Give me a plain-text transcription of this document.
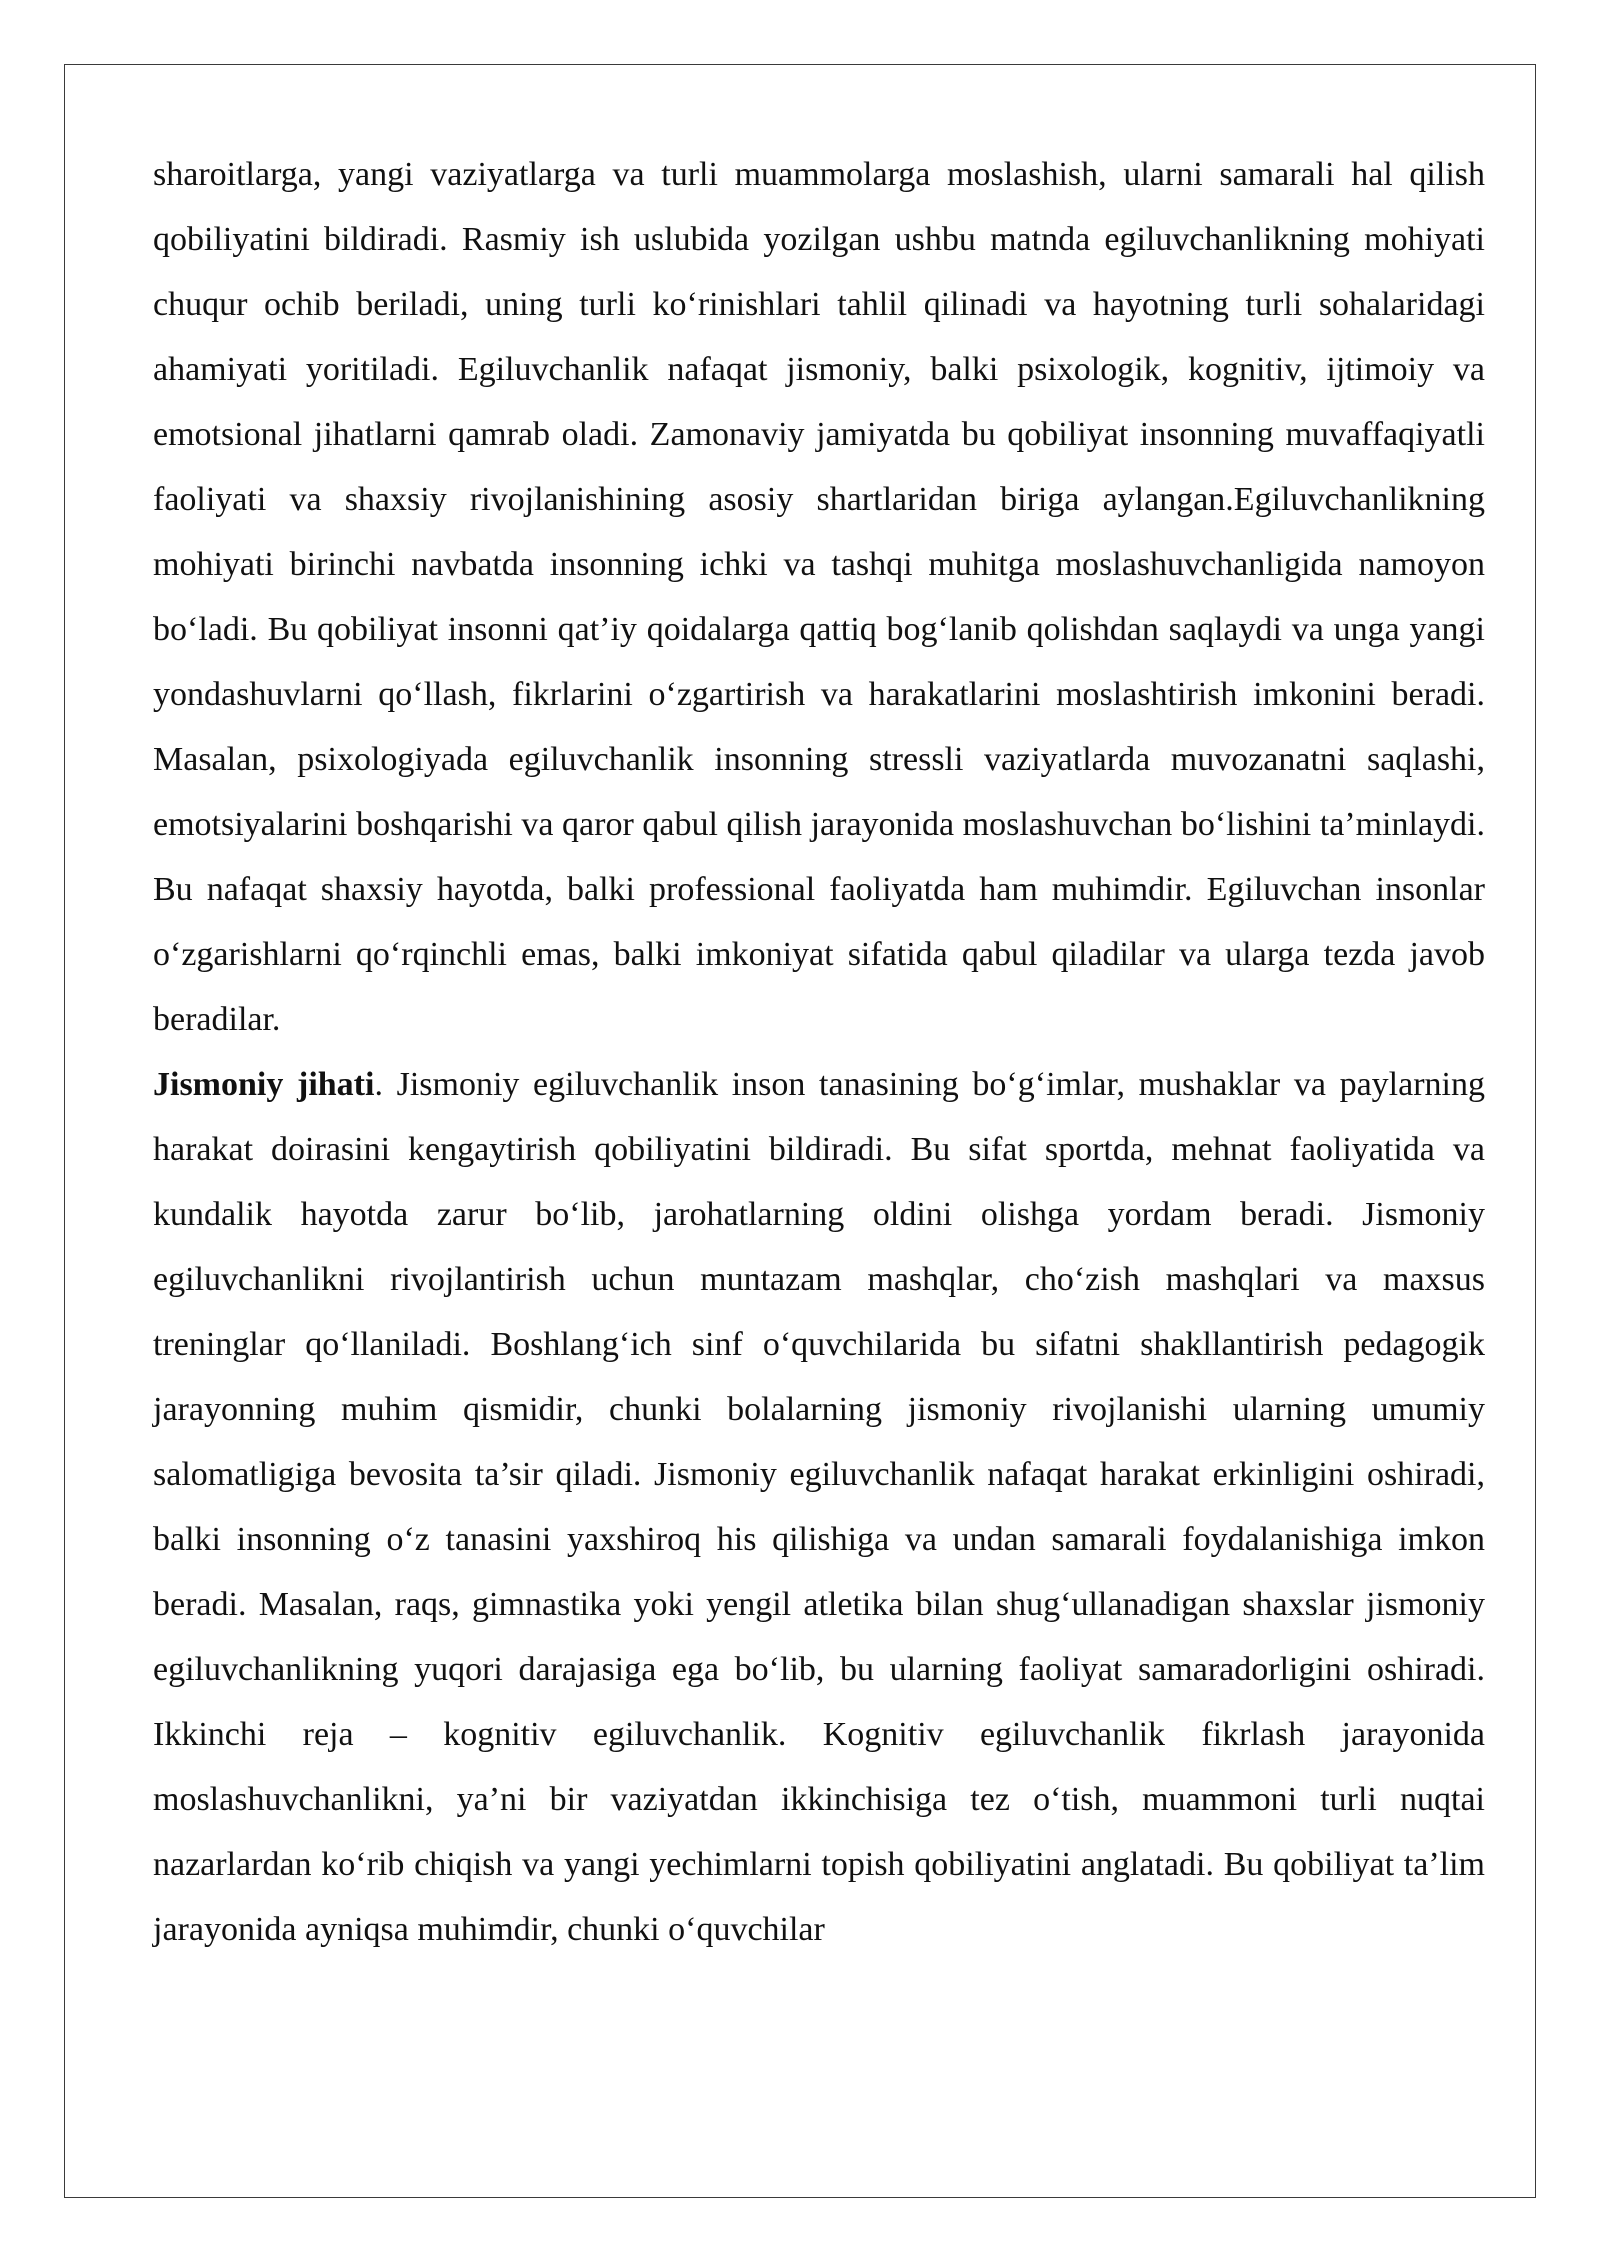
sharoitlarga, yangi vaziyatlarga va turli muammolarga moslashish, ularni samarali hal qilish qobiliyatini bildiradi. Rasmiy ish uslubida yozilgan ushbu matnda egiluvchanlikning mohiyati chuqur ochib beriladi, uning turli ko‘rinishlari tahlil qilinadi va hayotning turli sohalaridagi ahamiyati yoritiladi. Egiluvchanlik nafaqat jismoniy, balki psixologik, kognitiv, ijtimoiy va emotsional jihatlarni qamrab oladi. Zamonaviy jamiyatda bu qobiliyat insonning muvaffaqiyatli faoliyati va shaxsiy rivojlanishining asosiy shartlaridan biriga aylangan.Egiluvchanlikning mohiyati birinchi navbatda insonning ichki va tashqi muhitga moslashuvchanligida namoyon bo‘ladi. Bu qobiliyat insonni qat’iy qoidalarga qattiq bog‘lanib qolishdan saqlaydi va unga yangi yondashuvlarni qo‘llash, fikrlarini o‘zgartirish va harakatlarini moslashtirish imkonini beradi. Masalan, psixologiyada egiluvchanlik insonning stressli vaziyatlarda muvozanatni saqlashi, emotsiyalarini boshqarishi va qaror qabul qilish jarayonida moslashuvchan bo‘lishini ta’minlaydi. Bu nafaqat shaxsiy hayotda, balki professional faoliyatda ham muhimdir. Egiluvchan insonlar o‘zgarishlarni qo‘rqinchli emas, balki imkoniyat sifatida qabul qiladilar va ularga tezda javob beradilar.

Jismoniy jihati. Jismoniy egiluvchanlik inson tanasining bo‘g‘imlar, mushaklar va paylarning harakat doirasini kengaytirish qobiliyatini bildiradi. Bu sifat sportda, mehnat faoliyatida va kundalik hayotda zarur bo‘lib, jarohatlarning oldini olishga yordam beradi. Jismoniy egiluvchanlikni rivojlantirish uchun muntazam mashqlar, cho‘zish mashqlari va maxsus treninglar qo‘llaniladi. Boshlang‘ich sinf o‘quvchilarida bu sifatni shakllantirish pedagogik jarayonning muhim qismidir, chunki bolalarning jismoniy rivojlanishi ularning umumiy salomatligiga bevosita ta’sir qiladi. Jismoniy egiluvchanlik nafaqat harakat erkinligini oshiradi, balki insonning o‘z tanasini yaxshiroq his qilishiga va undan samarali foydalanishiga imkon beradi. Masalan, raqs, gimnastika yoki yengil atletika bilan shug‘ullanadigan shaxslar jismoniy egiluvchanlikning yuqori darajasiga ega bo‘lib, bu ularning faoliyat samaradorligini oshiradi. Ikkinchi reja – kognitiv egiluvchanlik. Kognitiv egiluvchanlik fikrlash jarayonida moslashuvchanlikni, ya’ni bir vaziyatdan ikkinchisiga tez o‘tish, muammoni turli nuqtai nazarlardan ko‘rib chiqish va yangi yechimlarni topish qobiliyatini anglatadi. Bu qobiliyat ta’lim jarayonida ayniqsa muhimdir, chunki o‘quvchilar
